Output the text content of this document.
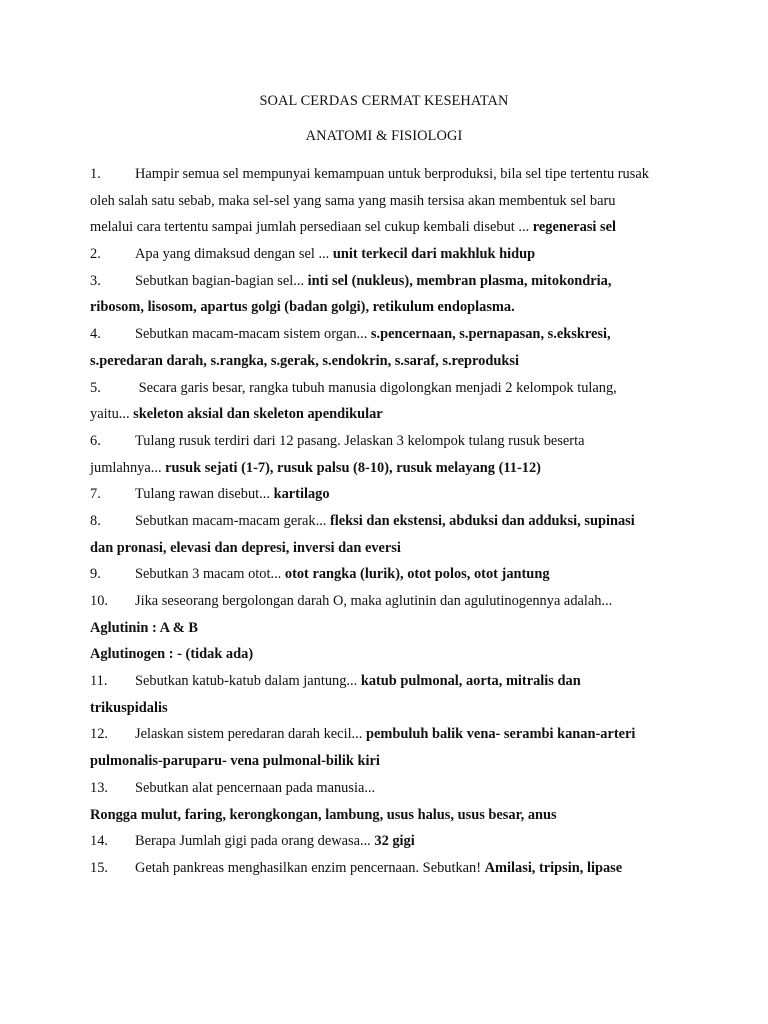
SOAL CERDAS CERMAT KESEHATAN
ANATOMI & FISIOLOGI
1. Hampir semua sel mempunyai kemampuan untuk berproduksi, bila sel tipe tertentu rusak
oleh salah satu sebab, maka sel-sel yang sama yang masih tersisa akan membentuk sel baru
melalui cara tertentu sampai jumlah persediaan sel cukup kembali disebut ... regenerasi sel
2. Apa yang dimaksud dengan sel ... unit terkecil dari makhluk hidup
3. Sebutkan bagian-bagian sel... inti sel (nukleus), membran plasma, mitokondria,
ribosom, lisosom, apartus golgi (badan golgi), retikulum endoplasma.
4. Sebutkan macam-macam sistem organ... s.pencernaan, s.pernapasan, s.ekskresi,
s.peredaran darah, s.rangka, s.gerak, s.endokrin, s.saraf, s.reproduksi
5. Secara garis besar, rangka tubuh manusia digolongkan menjadi 2 kelompok tulang,
yaitu... skeleton aksial dan skeleton apendikular
6. Tulang rusuk terdiri dari 12 pasang. Jelaskan 3 kelompok tulang rusuk beserta
jumlahnya... rusuk sejati (1-7), rusuk palsu (8-10), rusuk melayang (11-12)
7. Tulang rawan disebut... kartilago
8. Sebutkan macam-macam gerak... fleksi dan ekstensi, abduksi dan adduksi, supinasi
dan pronasi, elevasi dan depresi, inversi dan eversi
9. Sebutkan 3 macam otot... otot rangka (lurik), otot polos, otot jantung
10. Jika seseorang bergolongan darah O, maka aglutinin dan agulutinogennya adalah...
Aglutinin : A & B
Aglutinogen : - (tidak ada)
11. Sebutkan katub-katub dalam jantung... katub pulmonal, aorta, mitralis dan
trikuspidalis
12. Jelaskan sistem peredaran darah kecil... pembuluh balik vena- serambi kanan-arteri
pulmonalis-paruparu- vena pulmonal-bilik kiri
13. Sebutkan alat pencernaan pada manusia...
Rongga mulut, faring, kerongkongan, lambung, usus halus, usus besar, anus
14. Berapa Jumlah gigi pada orang dewasa... 32 gigi
15. Getah pankreas menghasilkan enzim pencernaan. Sebutkan! Amilasi, tripsin, lipase
